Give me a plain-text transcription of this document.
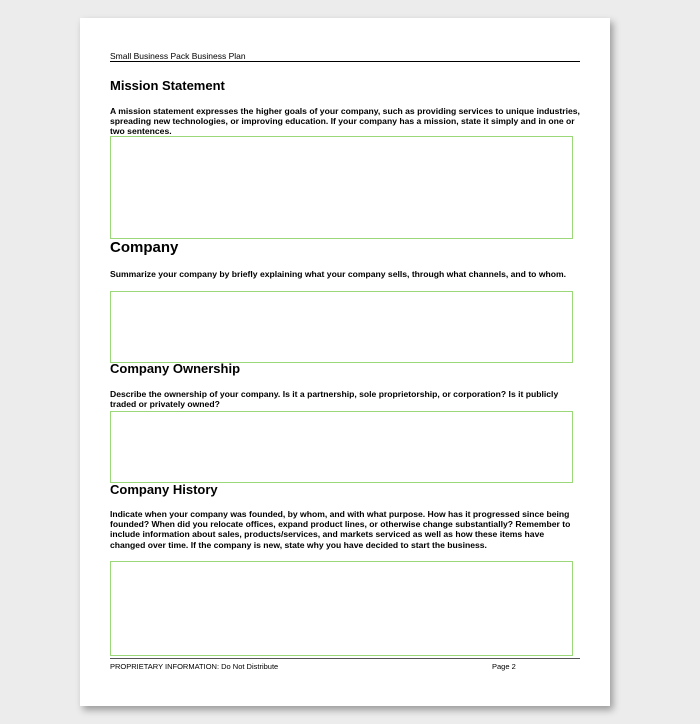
Small Business Pack Business Plan
Mission Statement
A mission statement expresses the higher goals of your company, such as providing services to unique industries, spreading new technologies, or improving education. If your company has a mission, state it simply and in one or two sentences.
Company
Summarize your company by briefly explaining what your company sells, through what channels, and to whom.
Company Ownership
Describe the ownership of your company. Is it a partnership, sole proprietorship, or corporation? Is it publicly traded or privately owned?
Company History
Indicate when your company was founded, by whom, and with what purpose. How has it progressed since being founded? When did you relocate offices, expand product lines, or otherwise change substantially? Remember to include information about sales, products/services, and markets serviced as well as how these items have changed over time. If the company is new, state why you have decided to start the business.
PROPRIETARY INFORMATION: Do Not Distribute	Page 2
